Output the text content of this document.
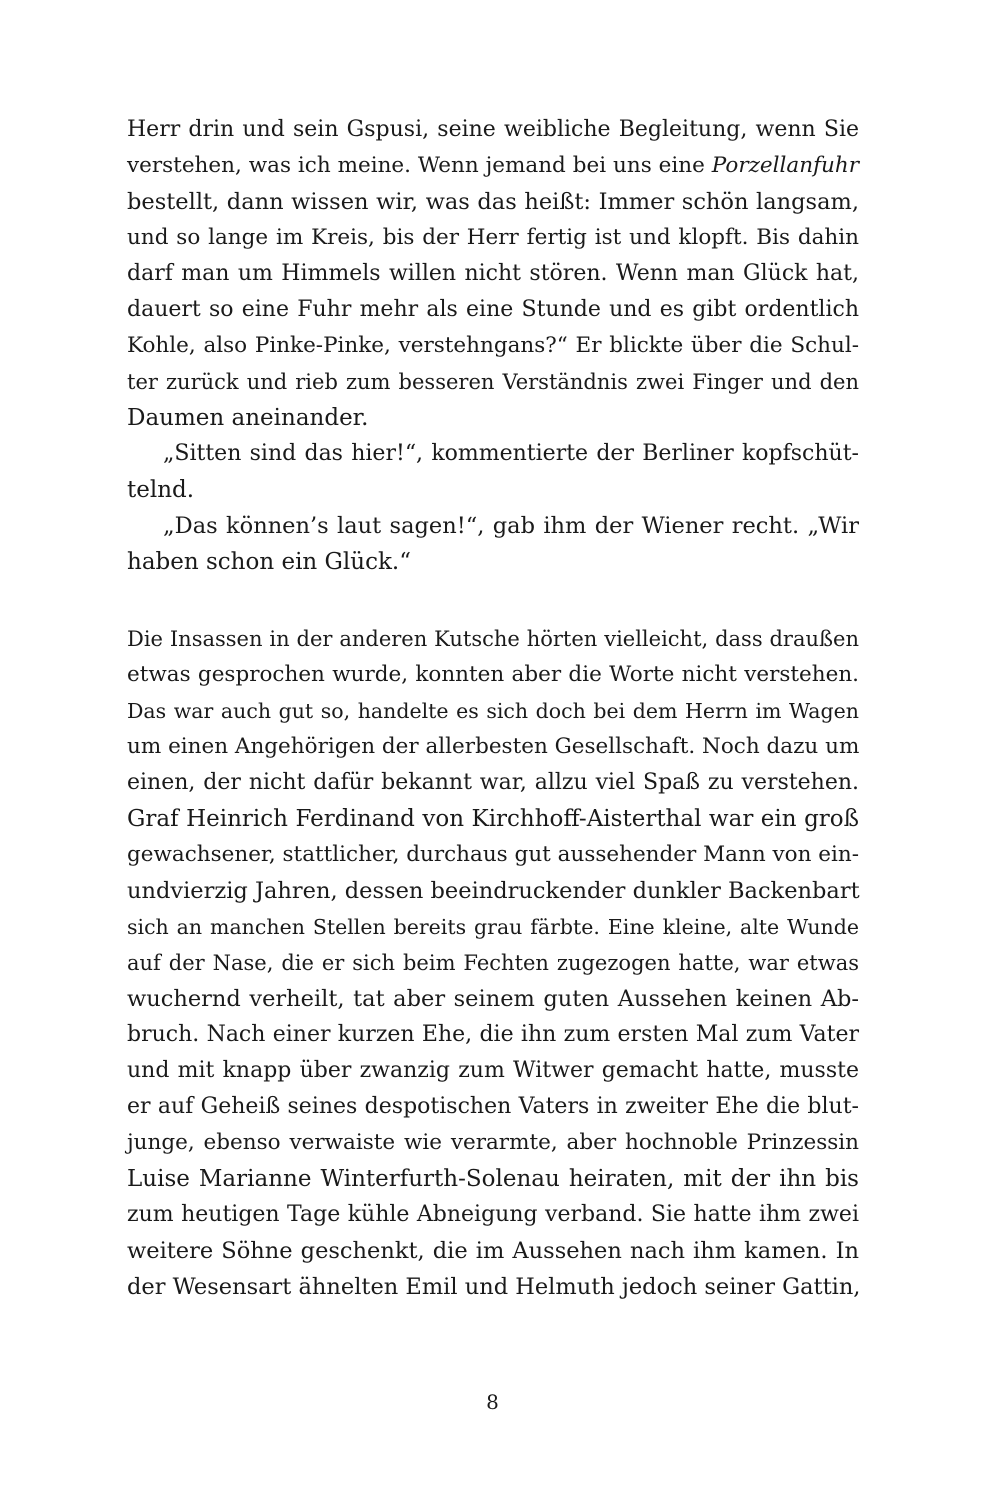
Herr drin und sein Gspusi, seine weibliche Begleitung, wenn Sie
verstehen, was ich meine. Wenn jemand bei uns eine Porzellanfuhr
bestellt, dann wissen wir, was das heißt: Immer schön langsam,
und so lange im Kreis, bis der Herr fertig ist und klopft. Bis dahin
darf man um Himmels willen nicht stören. Wenn man Glück hat,
dauert so eine Fuhr mehr als eine Stunde und es gibt ordentlich
Kohle, also Pinke-Pinke, verstehngans?“ Er blickte über die Schul-
ter zurück und rieb zum besseren Verständnis zwei Finger und den
Daumen aneinander.
„Sitten sind das hier!“, kommentierte der Berliner kopfschüt-
telnd.
„Das können’s laut sagen!“, gab ihm der Wiener recht. „Wir
haben schon ein Glück.“
Die Insassen in der anderen Kutsche hörten vielleicht, dass draußen
etwas gesprochen wurde, konnten aber die Worte nicht verstehen.
Das war auch gut so, handelte es sich doch bei dem Herrn im Wagen
um einen Angehörigen der allerbesten Gesellschaft. Noch dazu um
einen, der nicht dafür bekannt war, allzu viel Spaß zu verstehen.
Graf Heinrich Ferdinand von Kirchhoff-Aisterthal war ein groß
gewachsener, stattlicher, durchaus gut aussehender Mann von ein-
undvierzig Jahren, dessen beeindruckender dunkler Backenbart
sich an manchen Stellen bereits grau färbte. Eine kleine, alte Wunde
auf der Nase, die er sich beim Fechten zugezogen hatte, war etwas
wuchernd verheilt, tat aber seinem guten Aussehen keinen Ab-
bruch. Nach einer kurzen Ehe, die ihn zum ersten Mal zum Vater
und mit knapp über zwanzig zum Witwer gemacht hatte, musste
er auf Geheiß seines despotischen Vaters in zweiter Ehe die blut-
junge, ebenso verwaiste wie verarmte, aber hochnoble Prinzessin
Luise Marianne Winterfurth-Solenau heiraten, mit der ihn bis
zum heutigen Tage kühle Abneigung verband. Sie hatte ihm zwei
weitere Söhne geschenkt, die im Aussehen nach ihm kamen. In
der Wesensart ähnelten Emil und Helmuth jedoch seiner Gattin,
8
